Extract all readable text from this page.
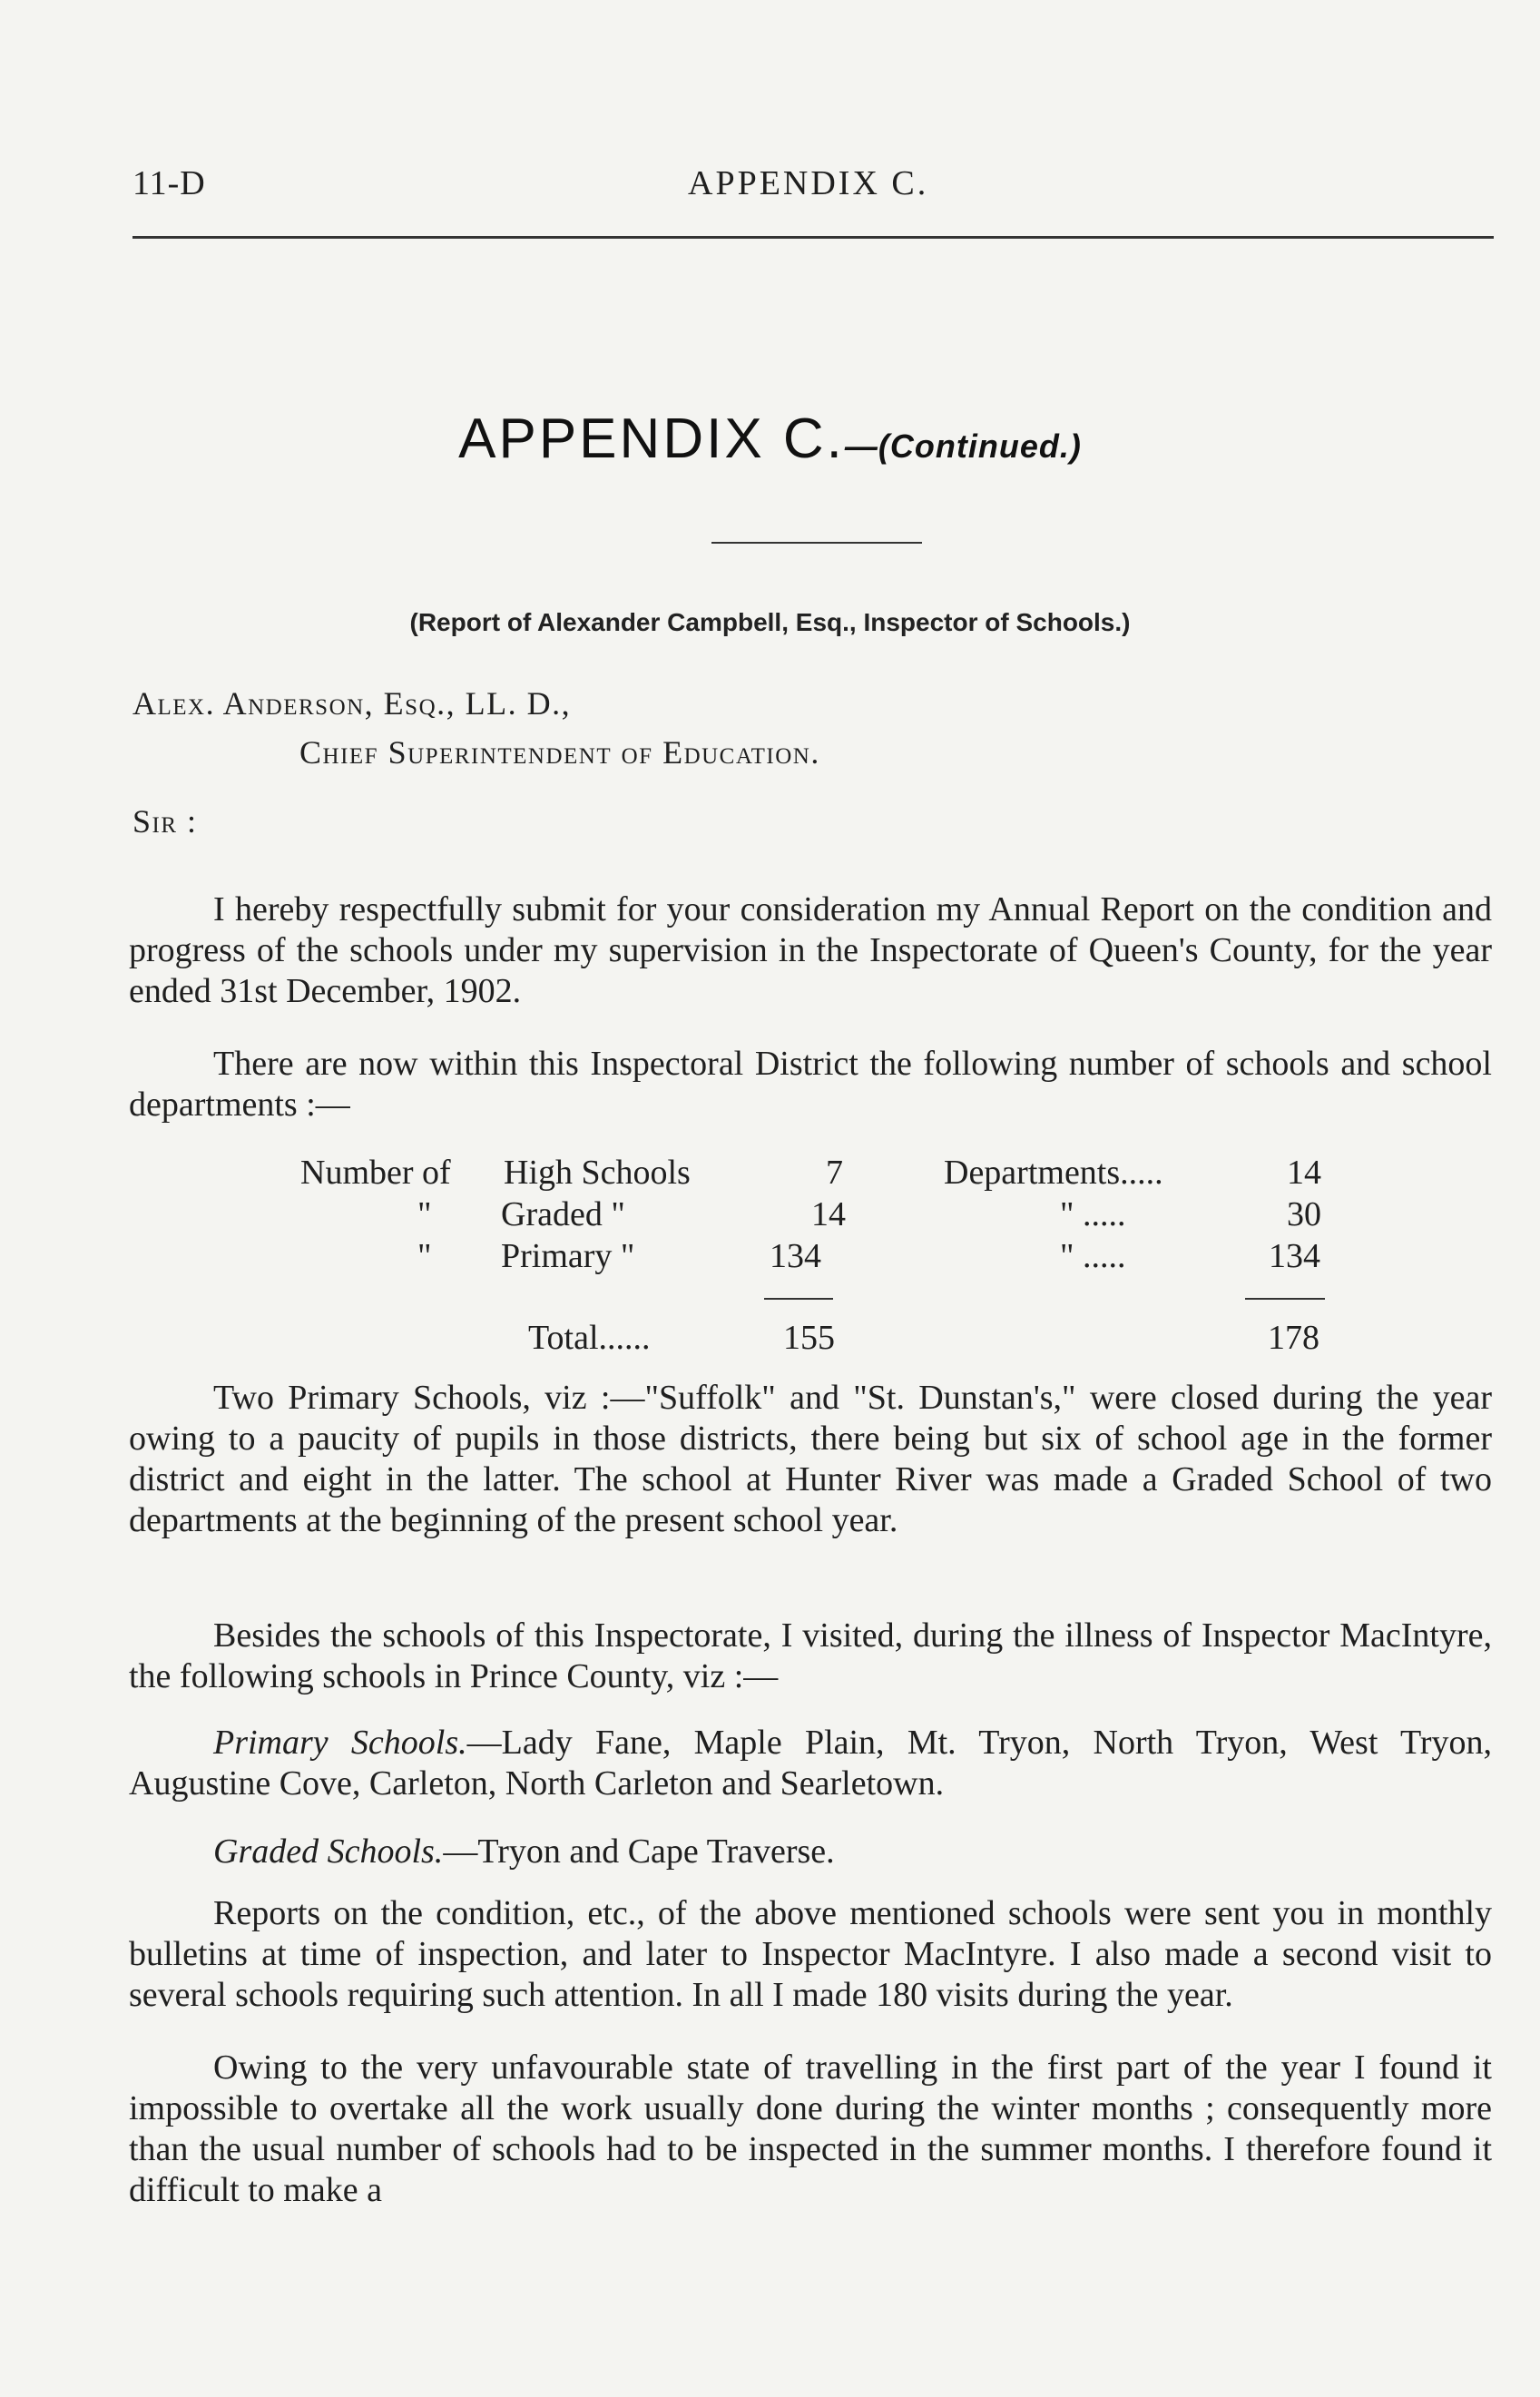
11-D	APPENDIX C.
APPENDIX C.—(Continued.)
(Report of Alexander Campbell, Esq., Inspector of Schools.)
Alex. Anderson, Esq., LL. D.,
Chief Superintendent of Education.
Sir :
I hereby respectfully submit for your consideration my Annual Report on the condition and progress of the schools under my supervision in the Inspectorate of Queen's County, for the year ended 31st December, 1902.
There are now within this Inspectoral District the following number of schools and school departments :—
Number of High Schools	7	Departments.....	14
" Graded "	14	" .....	30
" Primary "	134	" .....	134
Total......	155	178
Two Primary Schools, viz :—"Suffolk" and "St. Dunstan's," were closed during the year owing to a paucity of pupils in those districts, there being but six of school age in the former district and eight in the latter. The school at Hunter River was made a Graded School of two departments at the beginning of the present school year.
Besides the schools of this Inspectorate, I visited, during the illness of Inspector MacIntyre, the following schools in Prince County, viz :—
Primary Schools.—Lady Fane, Maple Plain, Mt. Tryon, North Tryon, West Tryon, Augustine Cove, Carleton, North Carleton and Searletown.
Graded Schools.—Tryon and Cape Traverse.
Reports on the condition, etc., of the above mentioned schools were sent you in monthly bulletins at time of inspection, and later to Inspector MacIntyre. I also made a second visit to several schools requiring such attention. In all I made 180 visits during the year.
Owing to the very unfavourable state of travelling in the first part of the year I found it impossible to overtake all the work usually done during the winter months ; consequently more than the usual number of schools had to be inspected in the summer months. I therefore found it difficult to make a
